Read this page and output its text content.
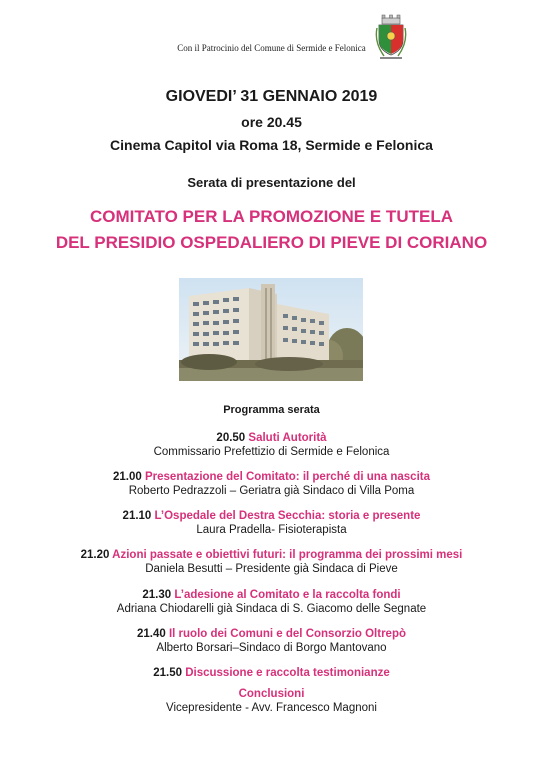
Con il Patrocinio del Comune di Sermide e Felonica
GIOVEDI’ 31 GENNAIO 2019
ore 20.45
Cinema Capitol via Roma 18, Sermide e Felonica
Serata di presentazione del
COMITATO PER LA PROMOZIONE E TUTELA
DEL PRESIDIO OSPEDALIERO DI PIEVE DI CORIANO
Programma serata
20.50 Saluti Autorità
Commissario Prefettizio di Sermide e Felonica
21.00 Presentazione del Comitato: il perché di una nascita
Roberto Pedrazzoli – Geriatra già Sindaco di Villa Poma
21.10 L’Ospedale del Destra Secchia: storia e presente
Laura Pradella- Fisioterapista
21.20 Azioni passate e obiettivi futuri: il programma dei prossimi mesi
Daniela Besutti – Presidente già Sindaca di Pieve
21.30 L’adesione al Comitato e la raccolta fondi
Adriana Chiodarelli già Sindaca di S. Giacomo delle Segnate
21.40 Il ruolo dei Comuni e del Consorzio Oltrepò
Alberto Borsari–Sindaco di Borgo Mantovano
21.50 Discussione e raccolta testimonianze
Conclusioni
Vicepresidente - Avv. Francesco Magnoni
